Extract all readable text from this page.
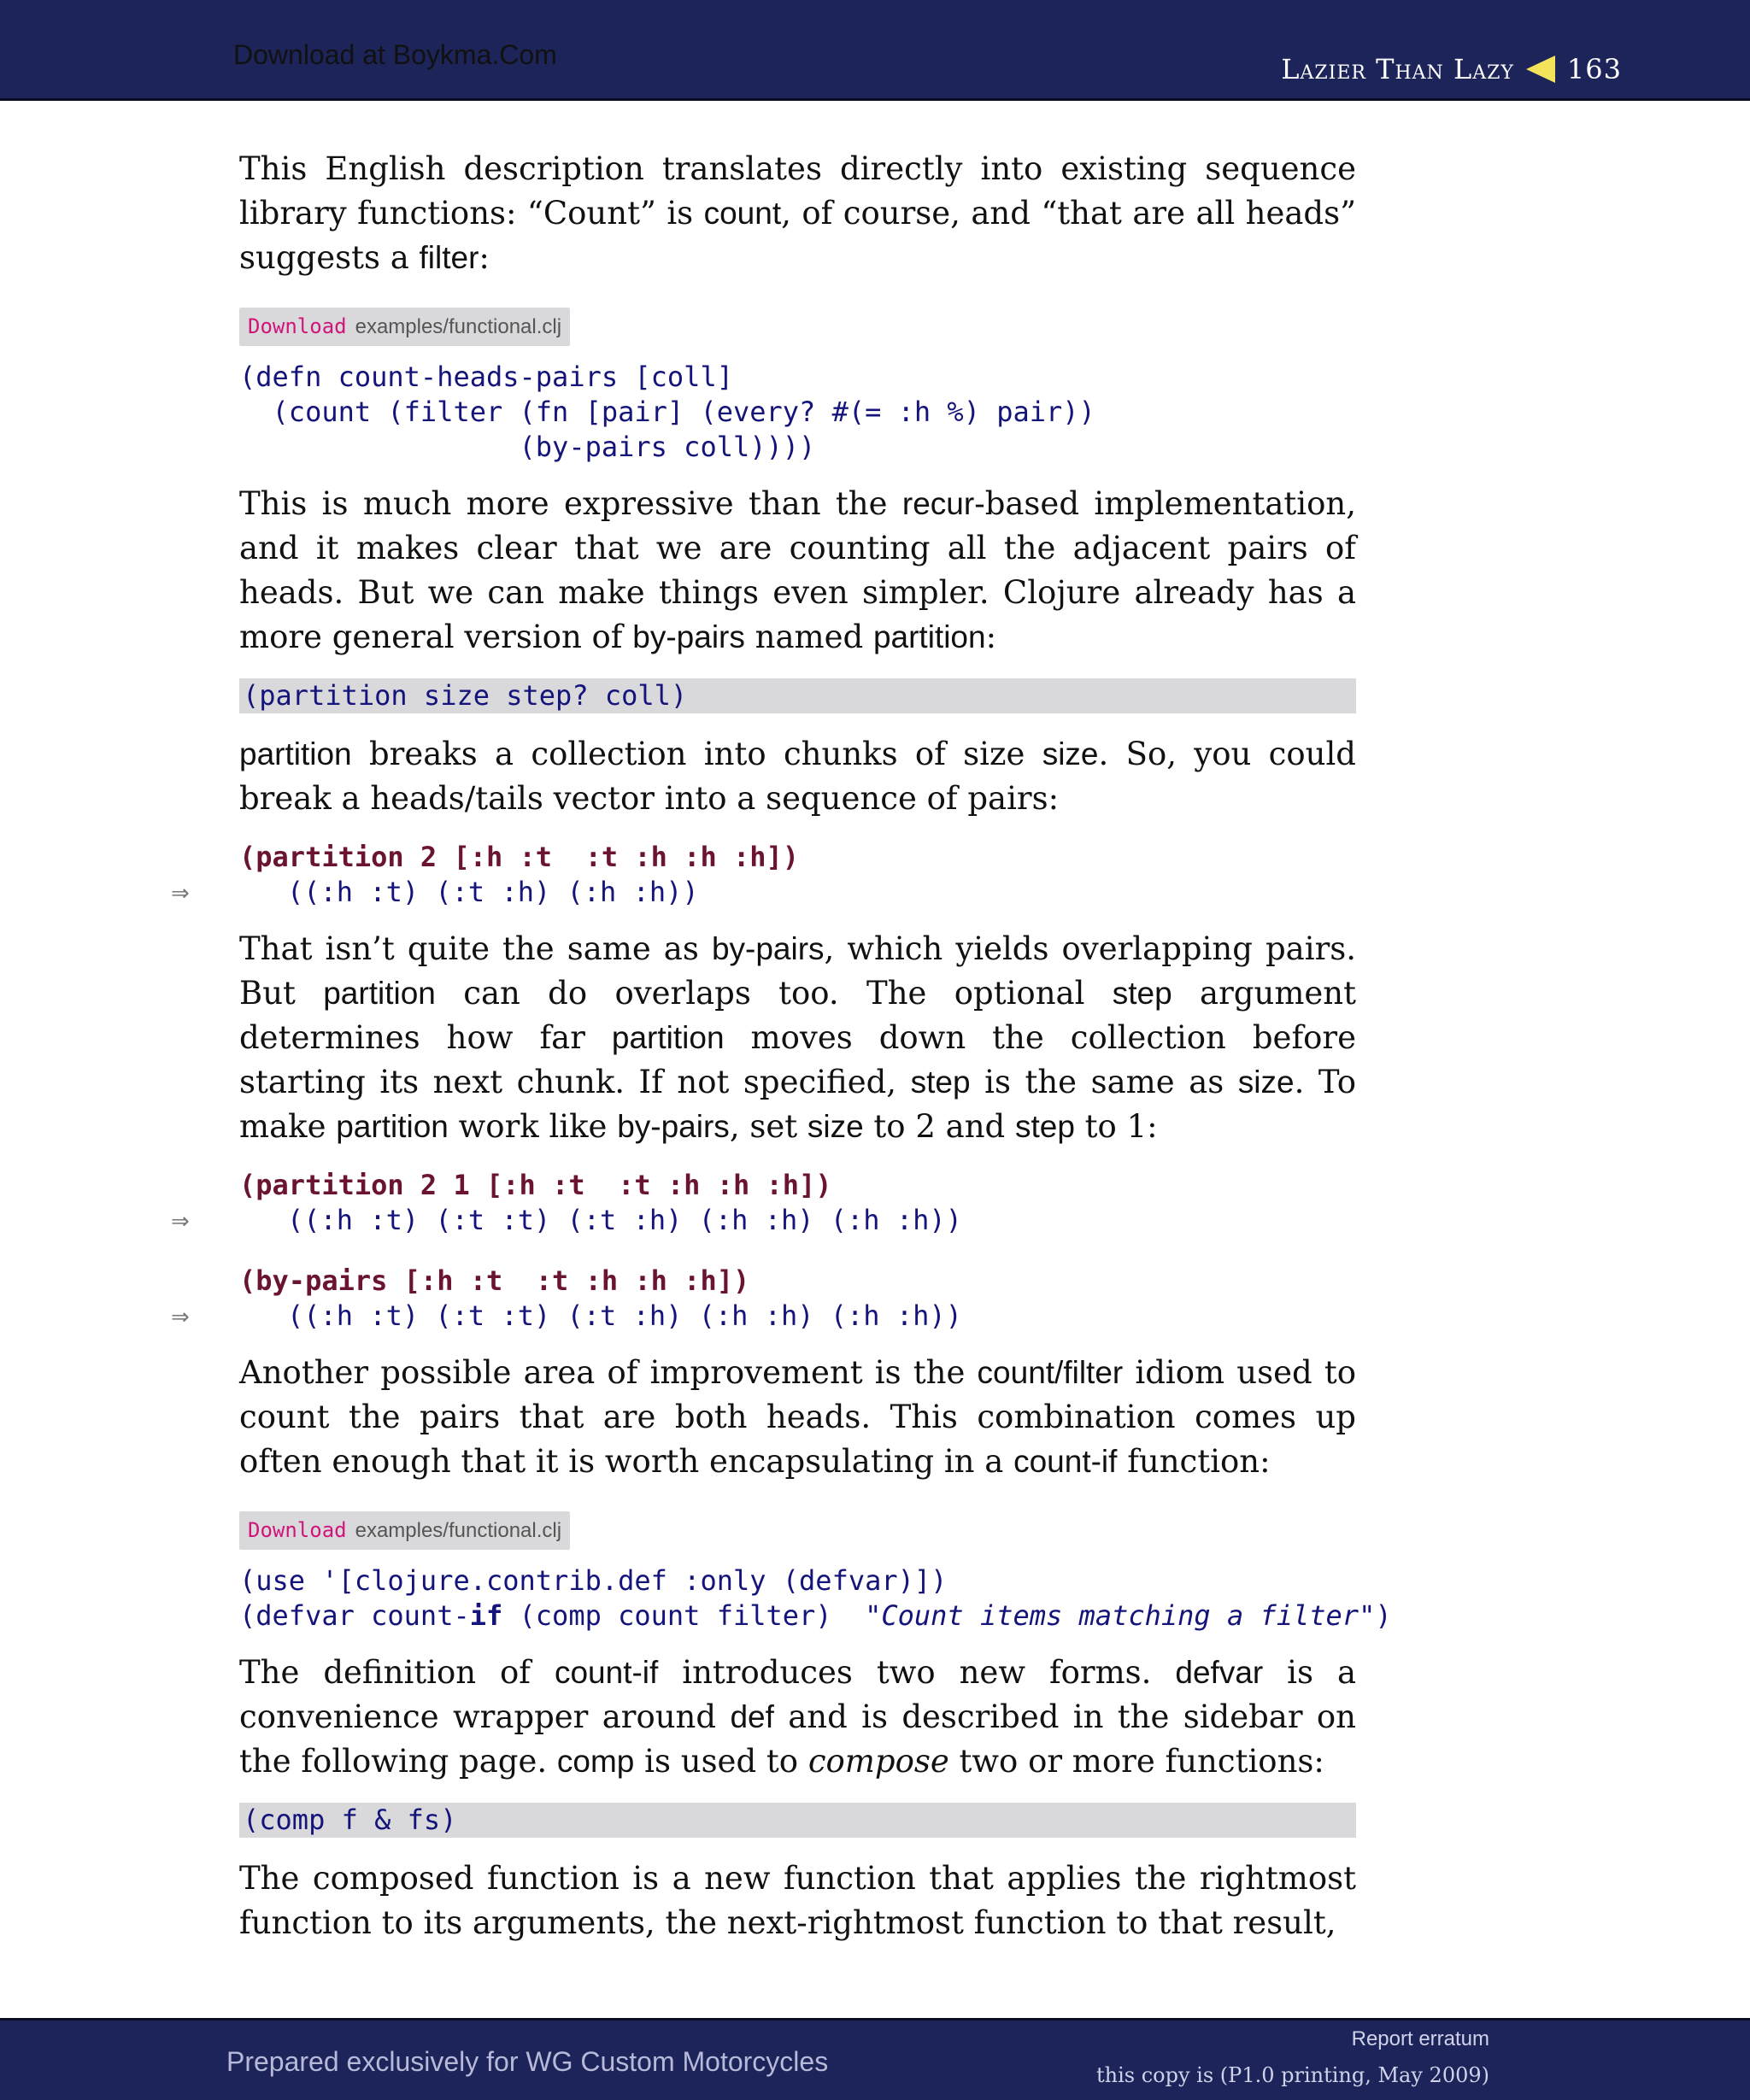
Download at Boykma.Com	Lazier Than Lazy 163

This English description translates directly into existing sequence library functions: “Count” is count, of course, and “that are all heads” suggests a filter:

Download examples/functional.clj
(defn count-heads-pairs [coll]
(count (filter (fn [pair] (every? #(= :h %) pair))
(by-pairs coll))))

This is much more expressive than the recur-based implementation, and it makes clear that we are counting all the adjacent pairs of heads. But we can make things even simpler. Clojure already has a more general version of by-pairs named partition:

(partition size step? coll)

partition breaks a collection into chunks of size size. So, you could break a heads/tails vector into a sequence of pairs:

(partition 2 [:h :t  :t :h :h :h])
((:h :t) (:t :h) (:h :h))
⇒

That isn’t quite the same as by-pairs, which yields overlapping pairs. But partition can do overlaps too. The optional step argument determines how far partition moves down the collection before starting its next chunk. If not specified, step is the same as size. To make partition work like by-pairs, set size to 2 and step to 1:

(partition 2 1 [:h :t  :t :h :h :h])
((:h :t) (:t :t) (:t :h) (:h :h) (:h :h))
⇒
(by-pairs [:h :t  :t :h :h :h])
((:h :t) (:t :t) (:t :h) (:h :h) (:h :h))
⇒

Another possible area of improvement is the count/filter idiom used to count the pairs that are both heads. This combination comes up often enough that it is worth encapsulating in a count-if function:

Download examples/functional.clj
(use '[clojure.contrib.def :only (defvar)])
(defvar count-if (comp count filter)  "Count items matching a filter")

The definition of count-if introduces two new forms. defvar is a convenience wrapper around def and is described in the sidebar on the following page. comp is used to compose two or more functions:

(comp f & fs)

The composed function is a new function that applies the rightmost function to its arguments, the next-rightmost function to that result,

Prepared exclusively for WG Custom Motorcycles
Report erratum
this copy is (P1.0 printing, May 2009)
